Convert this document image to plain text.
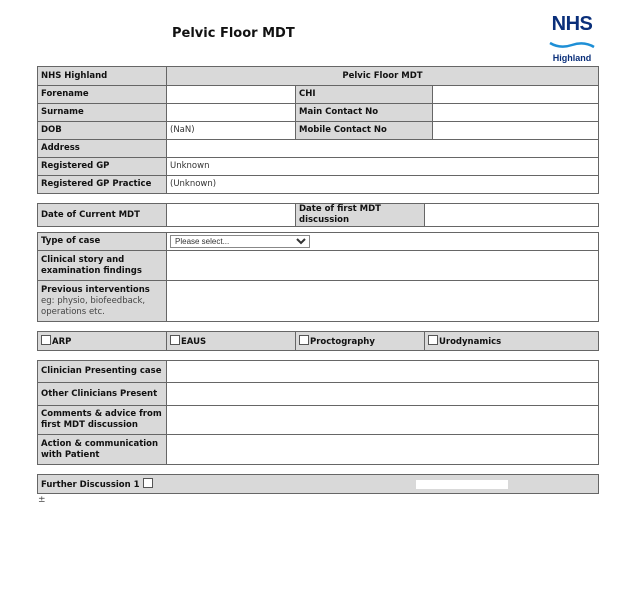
Pelvic Floor MDT	NHS
Highland
NHS Highland	Pelvic Floor MDT		
Forename		CHI	
Surname		Main Contact No	
DOB	(NaN)	Mobile Contact No	
Address			
Registered GP	Unknown		
Registered GP Practice	(Unknown)		
Date of Current MDT		Date of first MDT discussion	
Type of case	
Please select...
Clinical story and examination findings	
Previous interventions eg: physio, biofeedback, operations etc.	
ARP	EAUS	Proctography	Urodynamics
Clinician Presenting case	
Other Clinicians Present	
Comments & advice from first MDT discussion	
Action & communication with Patient	
Further Discussion 1
±
